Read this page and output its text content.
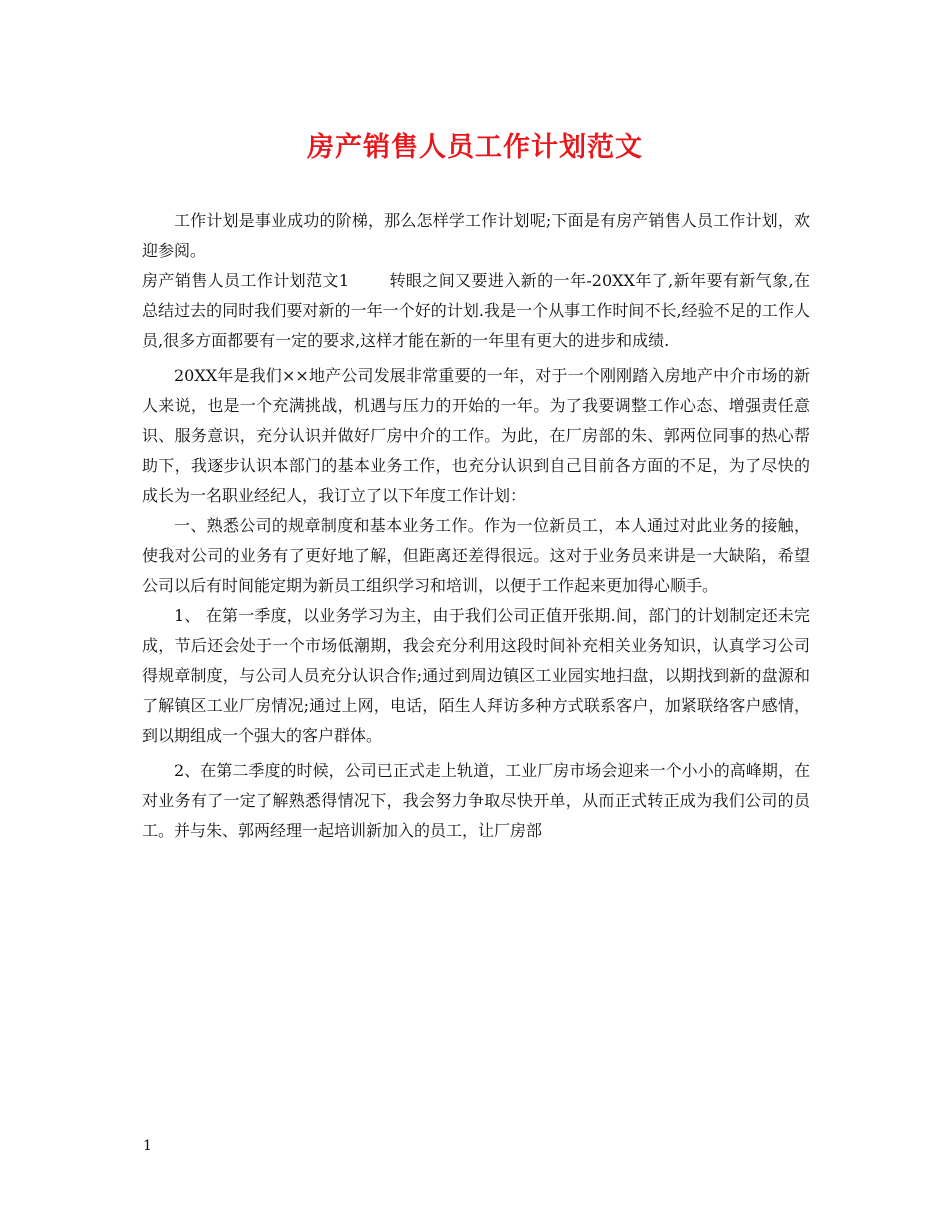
房产销售人员工作计划范文

工作计划是事业成功的阶梯，那么怎样学工作计划呢;下面是有房产销售人员工作计划，欢迎参阅。

房产销售人员工作计划范文1   	转眼之间又要进入新的一年-20XX年了,新年要有新气象,在总结过去的同时我们要对新的一年一个好的计划.我是一个从事工作时间不长,经验不足的工作人员,很多方面都要有一定的要求,这样才能在新的一年里有更大的进步和成绩.

20XX年是我们××地产公司发展非常重要的一年，对于一个刚刚踏入房地产中介市场的新人来说，也是一个充满挑战，机遇与压力的开始的一年。为了我要调整工作心态、增强责任意识、服务意识，充分认识并做好厂房中介的工作。为此，在厂房部的朱、郭两位同事的热心帮助下，我逐步认识本部门的基本业务工作，也充分认识到自己目前各方面的不足，为了尽快的成长为一名职业经纪人，我订立了以下年度工作计划：

一、熟悉公司的规章制度和基本业务工作。作为一位新员工，本人通过对此业务的接触，使我对公司的业务有了更好地了解，但距离还差得很远。这对于业务员来讲是一大缺陷，希望公司以后有时间能定期为新员工组织学习和培训，以便于工作起来更加得心顺手。

1、 在第一季度，以业务学习为主，由于我们公司正值开张期.间，部门的计划制定还未完成，节后还会处于一个市场低潮期，我会充分利用这段时间补充相关业务知识，认真学习公司得规章制度，与公司人员充分认识合作;通过到周边镇区工业园实地扫盘，以期找到新的盘源和了解镇区工业厂房情况;通过上网，电话，陌生人拜访多种方式联系客户，加紧联络客户感情，到以期组成一个强大的客户群体。

2、在第二季度的时候，公司已正式走上轨道，工业厂房市场会迎来一个小小的高峰期，在对业务有了一定了解熟悉得情况下，我会努力争取尽快开单，从而正式转正成为我们公司的员工。并与朱、郭两经理一起培训新加入的员工，让厂房部

1
